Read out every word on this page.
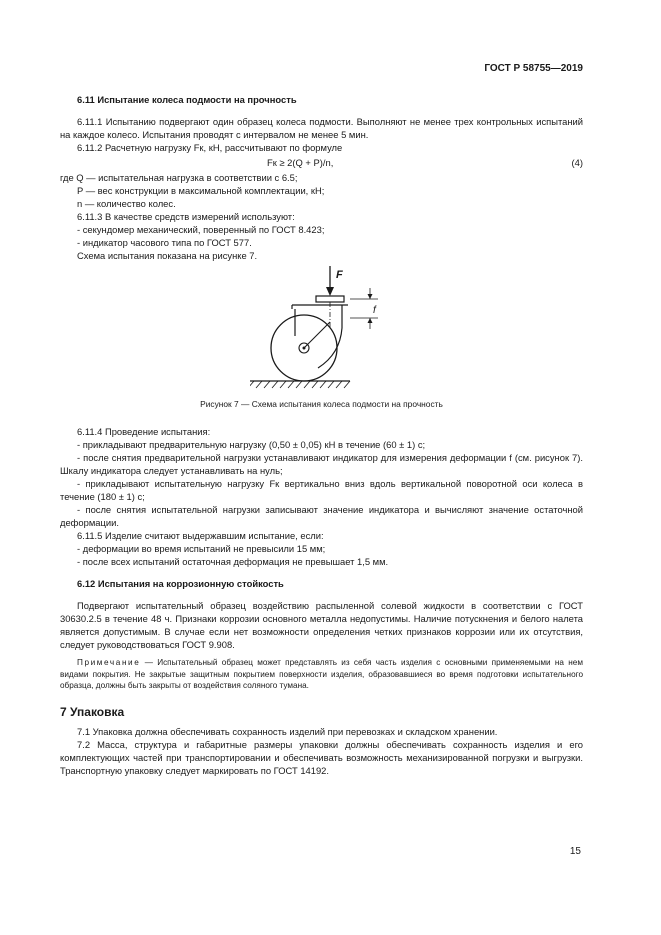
ГОСТ Р 58755—2019

6.11 Испытание колеса подмости на прочность

6.11.1 Испытанию подвергают один образец колеса подмости. Выполняют не менее трех контрольных испытаний на каждое колесо. Испытания проводят с интервалом не менее 5 мин.

6.11.2 Расчетную нагрузку Fк, кН, рассчитывают по формуле

Fк ≥ 2(Q + P)/n,	(4)

где Q — испытательная нагрузка в соответствии с 6.5;

P — вес конструкции в максимальной комплектации, кН;

n — количество колес.

6.11.3 В качестве средств измерений используют:

- секундомер механический, поверенный по ГОСТ 8.423;

- индикатор часового типа по ГОСТ 577.

Схема испытания показана на рисунке 7.

F
f

Рисунок 7 — Схема испытания колеса подмости на прочность

6.11.4 Проведение испытания:

- прикладывают предварительную нагрузку (0,50 ± 0,05) кН в течение (60 ± 1) с;

- после снятия предварительной нагрузки устанавливают индикатор для измерения деформации f (см. рисунок 7). Шкалу индикатора следует устанавливать на нуль;

- прикладывают испытательную нагрузку Fк вертикально вниз вдоль вертикальной поворотной оси колеса в течение (180 ± 1) с;

- после снятия испытательной нагрузки записывают значение индикатора и вычисляют значение остаточной деформации.

6.11.5 Изделие считают выдержавшим испытание, если:

- деформации во время испытаний не превысили 15 мм;

- после всех испытаний остаточная деформация не превышает 1,5 мм.

6.12 Испытания на коррозионную стойкость

Подвергают испытательный образец воздействию распыленной солевой жидкости в соответствии с ГОСТ 30630.2.5 в течение 48 ч. Признаки коррозии основного металла недопустимы. Наличие потускнения и белого налета является допустимым. В случае если нет возможности определения четких признаков коррозии или их отсутствия, следует руководствоваться ГОСТ 9.908.

Примечание — Испытательный образец может представлять из себя часть изделия с основными применяемыми на нем видами покрытия. Не закрытые защитным покрытием поверхности изделия, образовавшиеся во время подготовки испытательного образца, должны быть закрыты от воздействия соляного тумана.

7 Упаковка

7.1 Упаковка должна обеспечивать сохранность изделий при перевозках и складском хранении.

7.2 Масса, структура и габаритные размеры упаковки должны обеспечивать сохранность изделия и его комплектующих частей при транспортировании и обеспечивать возможность механизированной погрузки и выгрузки. Транспортную упаковку следует маркировать по ГОСТ 14192.

15
